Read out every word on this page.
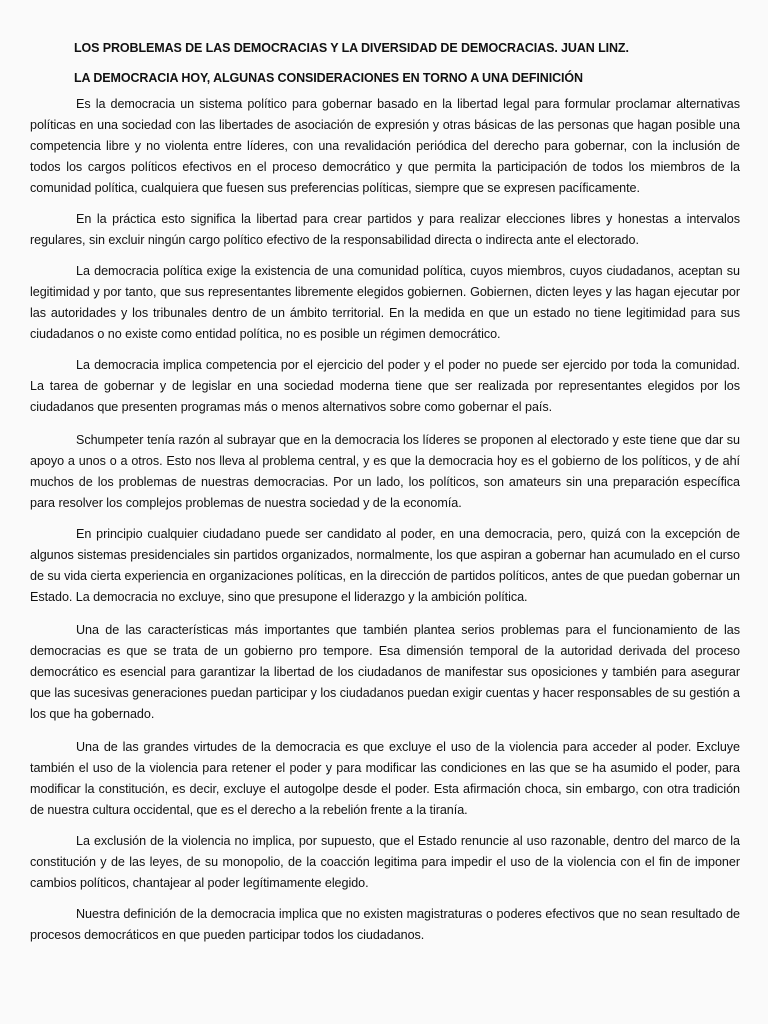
LOS PROBLEMAS DE LAS DEMOCRACIAS Y LA DIVERSIDAD DE DEMOCRACIAS. JUAN LINZ.
LA DEMOCRACIA HOY, ALGUNAS CONSIDERACIONES EN TORNO A UNA DEFINICIÓN

Es la democracia un sistema político para gobernar basado en la libertad legal para formular proclamar alternativas políticas en una sociedad con las libertades de asociación de expresión y otras básicas de las personas que hagan posible una competencia libre y no violenta entre líderes, con una revalidación periódica del derecho para gobernar, con la inclusión de todos los cargos políticos efectivos en el proceso democrático y que permita la participación de todos los miembros de la comunidad política, cualquiera que fuesen sus preferencias políticas, siempre que se expresen pacíficamente.

En la práctica esto significa la libertad para crear partidos y para realizar elecciones libres y honestas a intervalos regulares, sin excluir ningún cargo político efectivo de la responsabilidad directa o indirecta ante el electorado.

La democracia política exige la existencia de una comunidad política, cuyos miembros, cuyos ciudadanos, aceptan su legitimidad y por tanto, que sus representantes libremente elegidos gobiernen. Gobiernen, dicten leyes y las hagan ejecutar por las autoridades y los tribunales dentro de un ámbito territorial. En la medida en que un estado no tiene legitimidad para sus ciudadanos o no existe como entidad política, no es posible un régimen democrático.

La democracia implica competencia por el ejercicio del poder y el poder no puede ser ejercido por toda la comunidad. La tarea de gobernar y de legislar en una sociedad moderna tiene que ser realizada por representantes elegidos por los ciudadanos que presenten programas más o menos alternativos sobre como gobernar el país.

Schumpeter tenía razón al subrayar que en la democracia los líderes se proponen al electorado y este tiene que dar su apoyo a unos o a otros. Esto nos lleva al problema central, y es que la democracia hoy es el gobierno de los políticos, y de ahí muchos de los problemas de nuestras democracias. Por un lado, los políticos, son amateurs sin una preparación específica para resolver los complejos problemas de nuestra sociedad y de la economía.

En principio cualquier ciudadano puede ser candidato al poder, en una democracia, pero, quizá con la excepción de algunos sistemas presidenciales sin partidos organizados, normalmente, los que aspiran a gobernar han acumulado en el curso de su vida cierta experiencia en organizaciones políticas, en la dirección de partidos políticos, antes de que puedan gobernar un Estado. La democracia no excluye, sino que presupone el liderazgo y la ambición política.

Una de las características más importantes que también plantea serios problemas para el funcionamiento de las democracias es que se trata de un gobierno pro tempore. Esa dimensión temporal de la autoridad derivada del proceso democrático es esencial para garantizar la libertad de los ciudadanos de manifestar sus oposiciones y también para asegurar que las sucesivas generaciones puedan participar y los ciudadanos puedan exigir cuentas y hacer responsables de su gestión a los que ha gobernado.

Una de las grandes virtudes de la democracia es que excluye el uso de la violencia para acceder al poder. Excluye también el uso de la violencia para retener el poder y para modificar las condiciones en las que se ha asumido el poder, para modificar la constitución, es decir, excluye el autogolpe desde el poder. Esta afirmación choca, sin embargo, con otra tradición de nuestra cultura occidental, que es el derecho a la rebelión frente a la tiranía.

La exclusión de la violencia no implica, por supuesto, que el Estado renuncie al uso razonable, dentro del marco de la constitución y de las leyes, de su monopolio, de la coacción legitima para impedir el uso de la violencia con el fin de imponer cambios políticos, chantajear al poder legítimamente elegido.

Nuestra definición de la democracia implica que no existen magistraturas o poderes efectivos que no sean resultado de procesos democráticos en que pueden participar todos los ciudadanos.
